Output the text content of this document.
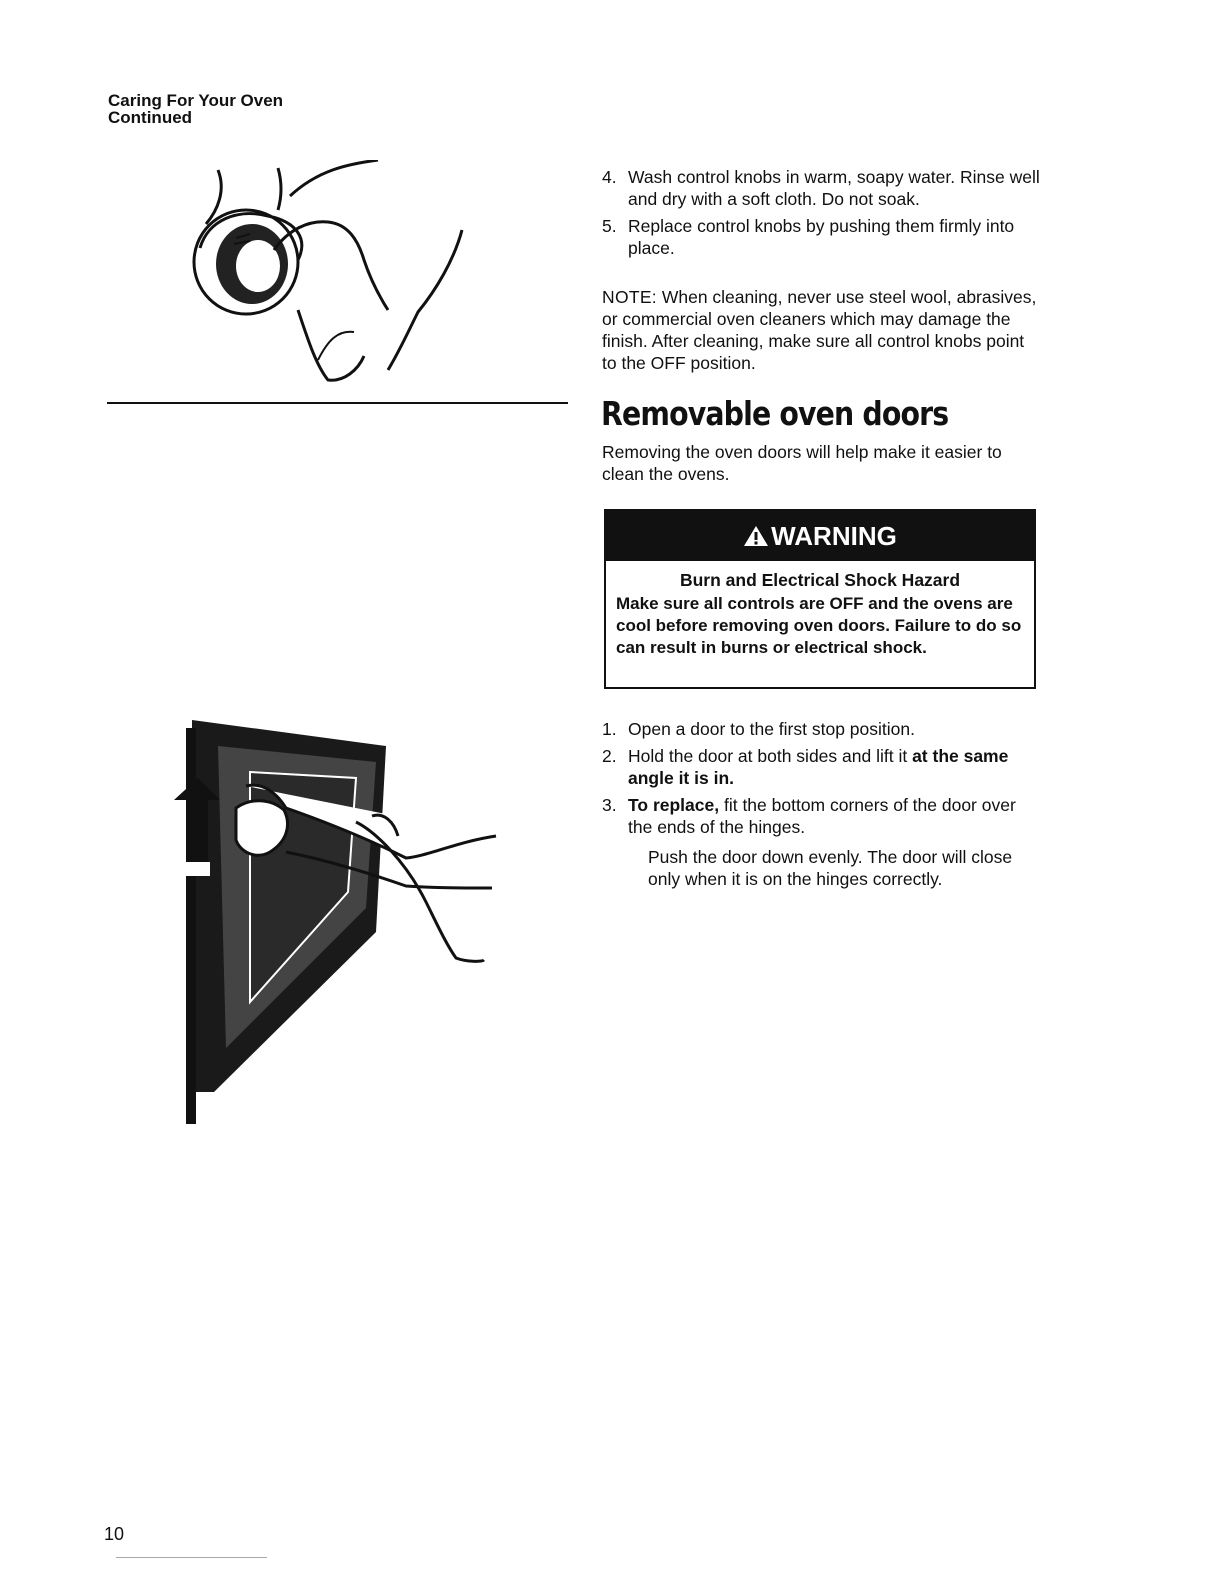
Caring For Your Oven
Continued
4. Wash control knobs in warm, soapy water. Rinse well and dry with a soft cloth. Do not soak.
5. Replace control knobs by pushing them firmly into place.
NOTE: When cleaning, never use steel wool, abrasives, or commercial oven cleaners which may damage the finish. After cleaning, make sure all control knobs point to the OFF position.
Removable oven doors
Removing the oven doors will help make it easier to clean the ovens.
WARNING
Burn and Electrical Shock Hazard
Make sure all controls are OFF and the ovens are cool before removing oven doors. Failure to do so can result in burns or electrical shock.
1. Open a door to the first stop position.
2. Hold the door at both sides and lift it at the same angle it is in.
3. To replace, fit the bottom corners of the door over the ends of the hinges.
Push the door down evenly. The door will close only when it is on the hinges correctly.
10
